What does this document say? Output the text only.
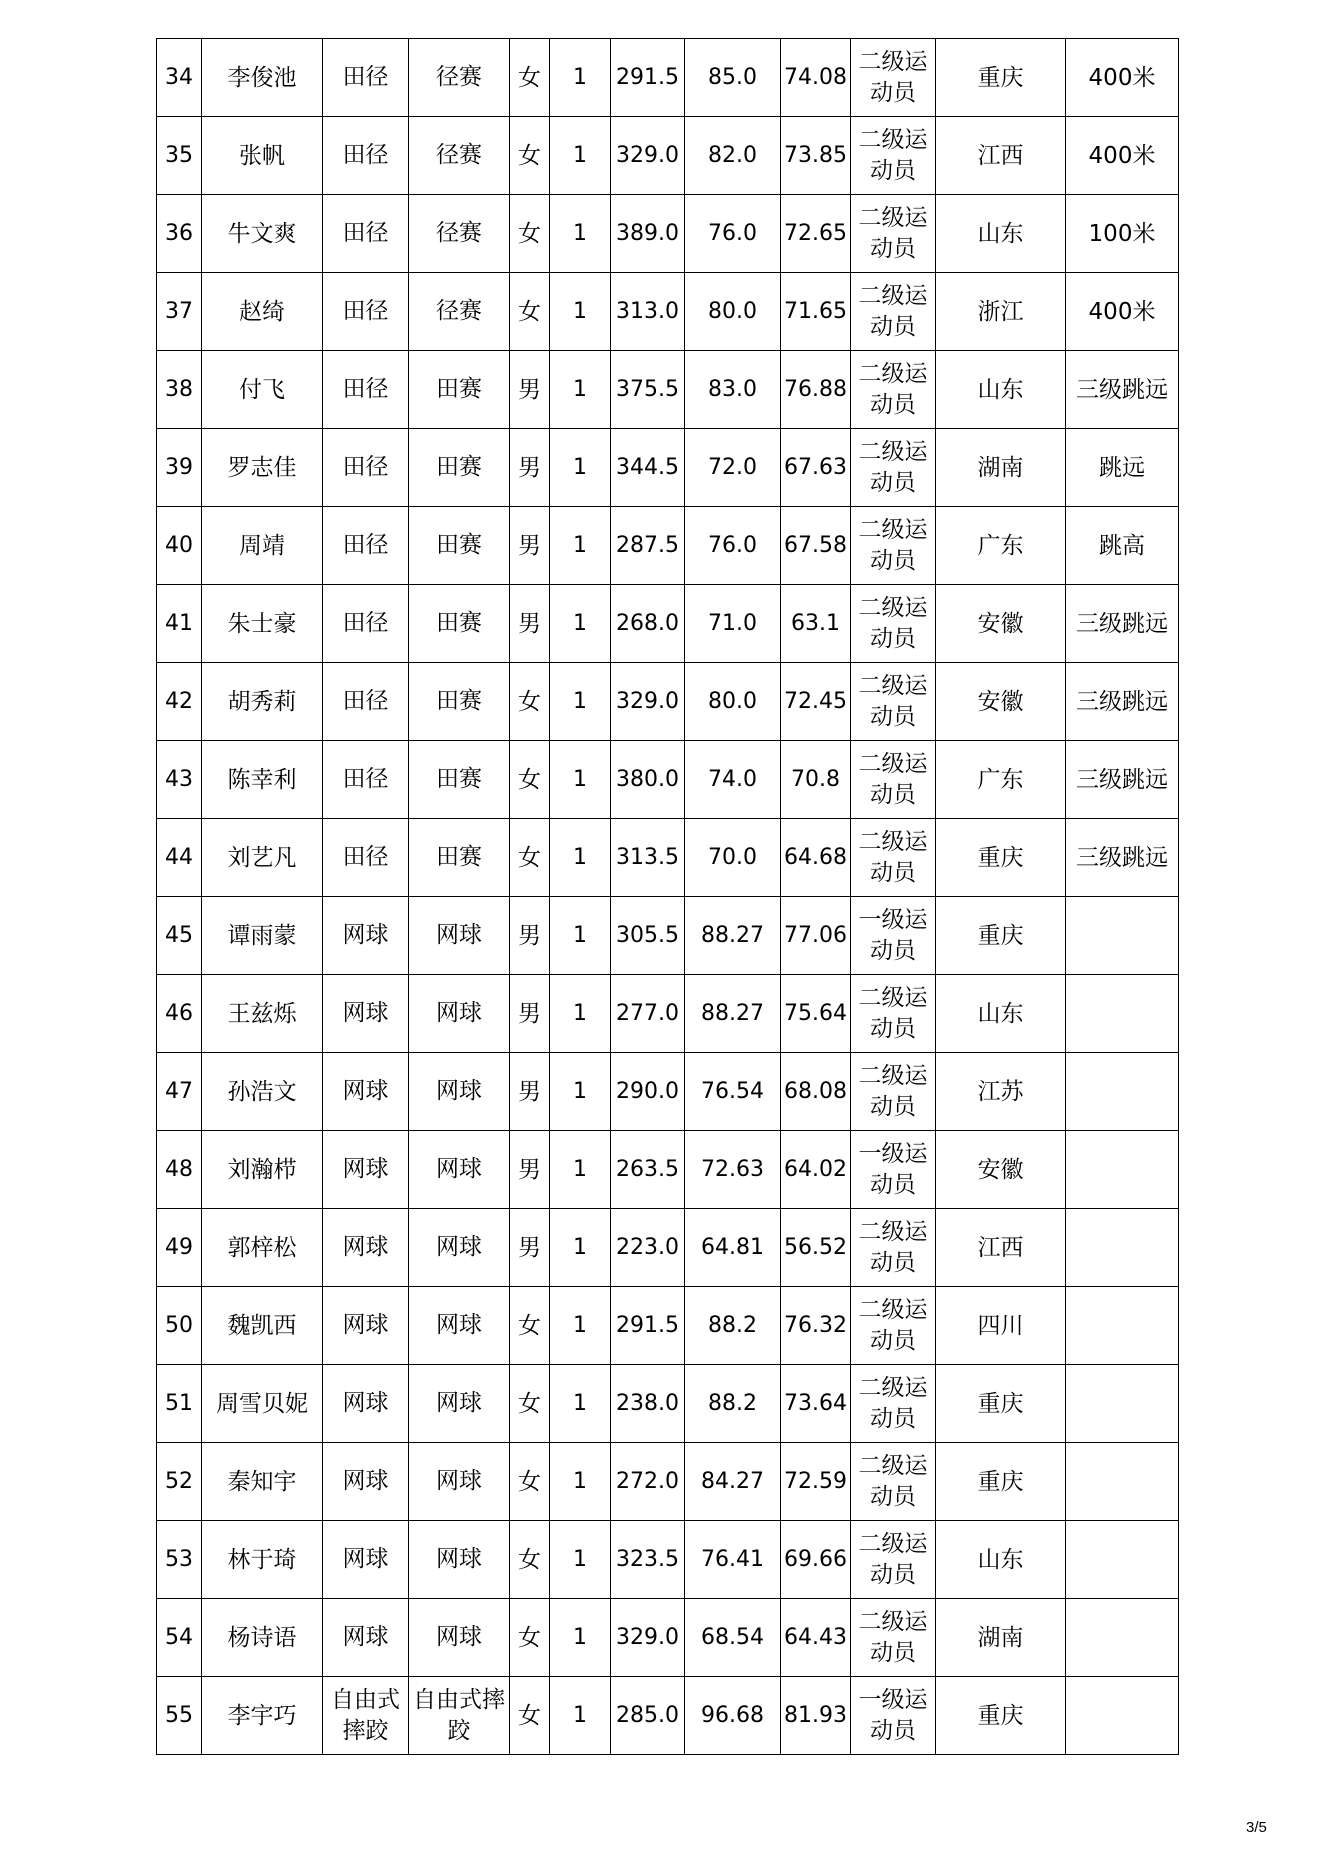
34	李俊池	田径	径赛	女	1	291.5	85.0	74.08	二级运动员	重庆	400米
35	张帆	田径	径赛	女	1	329.0	82.0	73.85	二级运动员	江西	400米
36	牛文爽	田径	径赛	女	1	389.0	76.0	72.65	二级运动员	山东	100米
37	赵绮	田径	径赛	女	1	313.0	80.0	71.65	二级运动员	浙江	400米
38	付飞	田径	田赛	男	1	375.5	83.0	76.88	二级运动员	山东	三级跳远
39	罗志佳	田径	田赛	男	1	344.5	72.0	67.63	二级运动员	湖南	跳远
40	周靖	田径	田赛	男	1	287.5	76.0	67.58	二级运动员	广东	跳高
41	朱士豪	田径	田赛	男	1	268.0	71.0	63.1	二级运动员	安徽	三级跳远
42	胡秀莉	田径	田赛	女	1	329.0	80.0	72.45	二级运动员	安徽	三级跳远
43	陈幸利	田径	田赛	女	1	380.0	74.0	70.8	二级运动员	广东	三级跳远
44	刘艺凡	田径	田赛	女	1	313.5	70.0	64.68	二级运动员	重庆	三级跳远
45	谭雨蒙	网球	网球	男	1	305.5	88.27	77.06	一级运动员	重庆	
46	王兹烁	网球	网球	男	1	277.0	88.27	75.64	二级运动员	山东	
47	孙浩文	网球	网球	男	1	290.0	76.54	68.08	二级运动员	江苏	
48	刘瀚栉	网球	网球	男	1	263.5	72.63	64.02	一级运动员	安徽	
49	郭梓松	网球	网球	男	1	223.0	64.81	56.52	二级运动员	江西	
50	魏凯西	网球	网球	女	1	291.5	88.2	76.32	二级运动员	四川	
51	周雪贝妮	网球	网球	女	1	238.0	88.2	73.64	二级运动员	重庆	
52	秦知宇	网球	网球	女	1	272.0	84.27	72.59	二级运动员	重庆	
53	林于琦	网球	网球	女	1	323.5	76.41	69.66	二级运动员	山东	
54	杨诗语	网球	网球	女	1	329.0	68.54	64.43	二级运动员	湖南	
55	李宇巧	自由式摔跤	自由式摔跤	女	1	285.0	96.68	81.93	一级运动员	重庆	
3/5
